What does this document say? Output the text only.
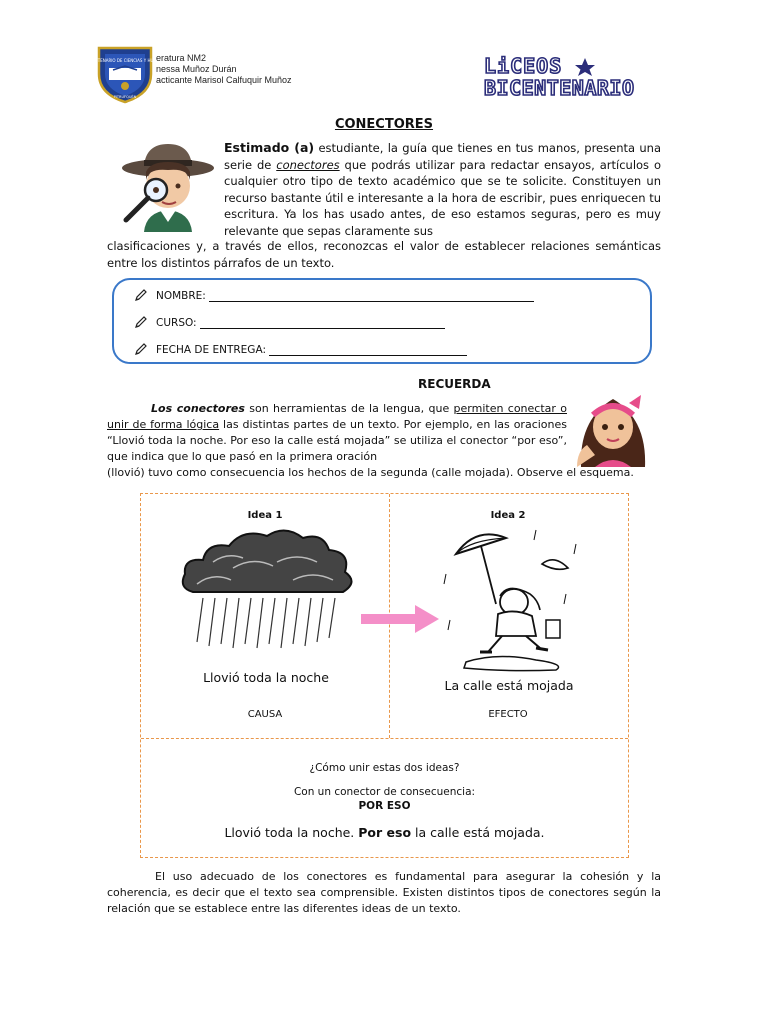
LICEO BICENTENARIO DE CIENCIAS Y HUMANIDADES
PITRUFQUÉN
eratura NM2
nessa Muñoz Durán
acticante Marisol Calfuquir Muñoz
LiCEOS
BICENTENARIO
CONECTORES
Estimado (a) estudiante, la guía que tienes en tus manos, presenta una serie de conectores que podrás utilizar para redactar ensayos, artículos o cualquier otro tipo de texto académico que se te solicite. Constituyen un recurso bastante útil e interesante a la hora de escribir, pues enriquecen tu escritura. Ya los has usado antes, de eso estamos seguras, pero es muy relevante que sepas claramente sus
clasificaciones y, a través de ellos, reconozcas el valor de establecer relaciones semánticas entre los distintos párrafos de un texto.
NOMBRE:
CURSO:
FECHA DE ENTREGA:
RECUERDA
    Los conectores son herramientas de la lengua, que permiten conectar o unir de forma lógica las distintas partes de un texto. Por ejemplo, en las oraciones “Llovió toda la noche. Por eso la calle está mojada” se utiliza el conector “por eso”, que indica que lo que pasó en la primera oración
(llovió) tuvo como consecuencia los hechos de la segunda (calle mojada). Observe el esquema.
Idea 1	Idea 2
Llovió toda la noche
La calle está mojada
CAUSA	EFECTO
¿Cómo unir estas dos ideas?
Con un conector de consecuencia:
POR ESO
Llovió toda la noche. Por eso la calle está mojada.
El uso adecuado de los conectores es fundamental para asegurar la cohesión y la coherencia, es decir que el texto sea comprensible. Existen distintos tipos de conectores según la relación que se establece entre las diferentes ideas de un texto.
